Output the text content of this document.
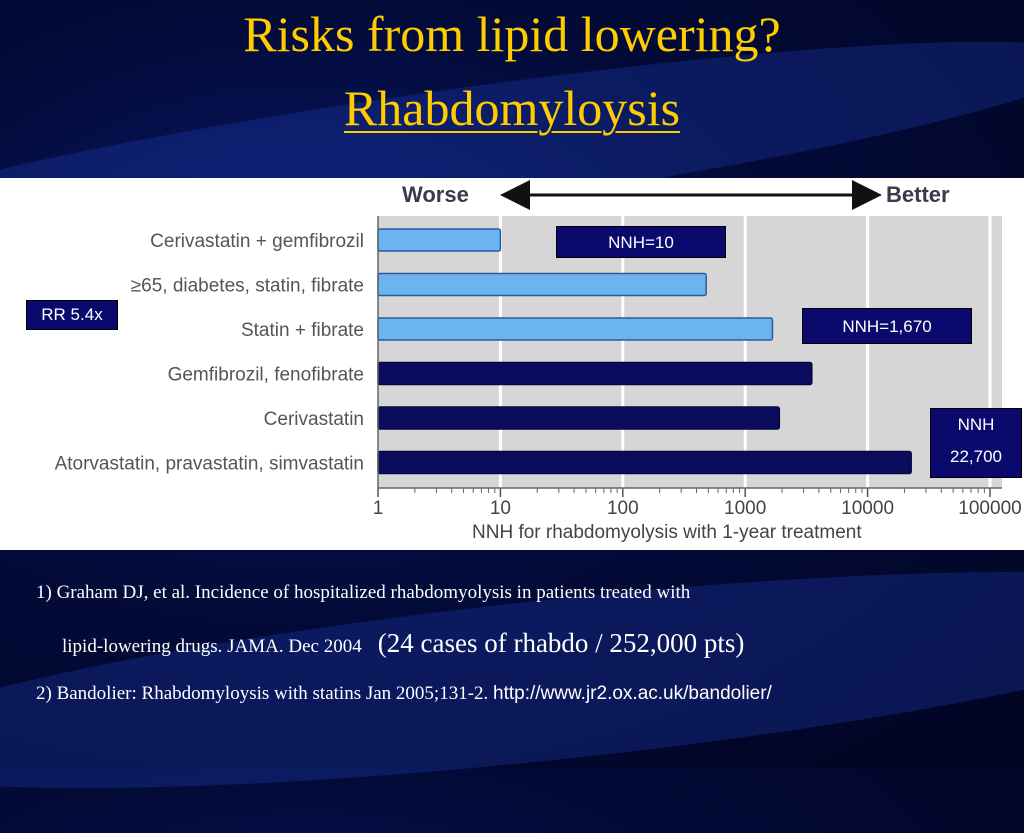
Risks from lipid lowering?
Rhabdomyloysis
Worse	Better
Cerivastatin + gemfibrozil
≥65, diabetes, statin, fibrate
Statin + fibrate
Gemfibrozil, fenofibrate
Cerivastatin
Atorvastatin, pravastatin, simvastatin
1	10	100	1000	10000	100000
NNH for rhabdomyolysis with 1-year treatment
NNH=10
RR 5.4x
NNH=1,670
NNH
22,700
1) Graham DJ, et al. Incidence of hospitalized rhabdomyolysis in patients treated with
lipid-lowering drugs. JAMA. Dec 2004 (24 cases of rhabdo / 252,000 pts)
2) Bandolier: Rhabdomyloysis with statins Jan 2005;131-2. http://www.jr2.ox.ac.uk/bandolier/
